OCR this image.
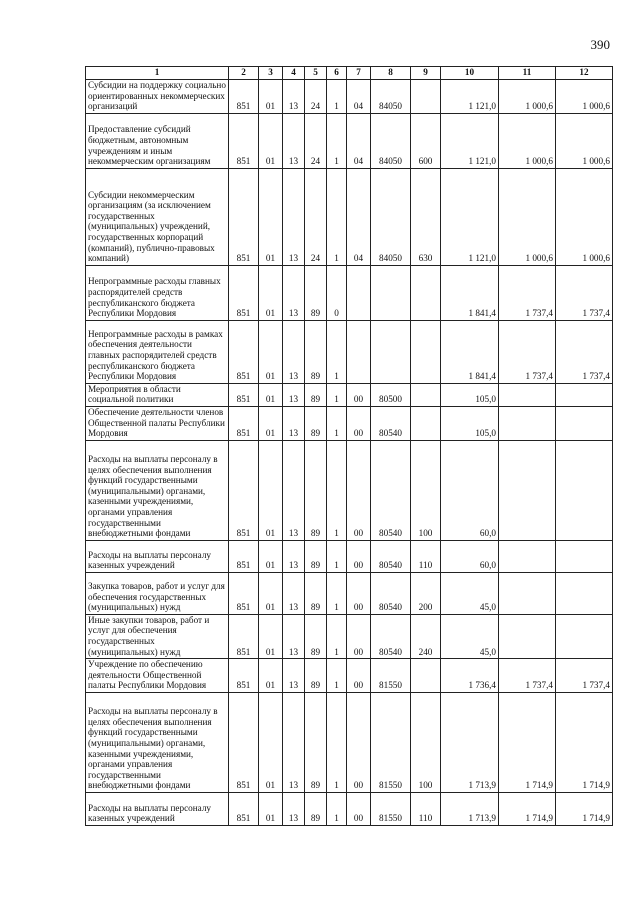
390
1	2	3	4	5	6	7	8	9	10	11	12
Субсидии на поддержку социально ориентированных некоммерческих организаций	851	01	13	24	1	04	84050		1 121,0	1 000,6	1 000,6
Предоставление субсидий бюджетным, автономным учреждениям и иным некоммерческим организациям	851	01	13	24	1	04	84050	600	1 121,0	1 000,6	1 000,6
Субсидии некоммерческим организациям (за исключением государственных (муниципальных) учреждений, государственных корпораций (компаний), публично-правовых компаний)	851	01	13	24	1	04	84050	630	1 121,0	1 000,6	1 000,6
Непрограммные расходы главных распорядителей средств республиканского бюджета Республики Мордовия	851	01	13	89	0				1 841,4	1 737,4	1 737,4
Непрограммные расходы в рамках обеспечения деятельности главных распорядителей средств республиканского бюджета Республики Мордовия	851	01	13	89	1				1 841,4	1 737,4	1 737,4
Мероприятия в области социальной политики	851	01	13	89	1	00	80500		105,0		
Обеспечение деятельности членов Общественной палаты Республики Мордовия	851	01	13	89	1	00	80540		105,0		
Расходы на выплаты персоналу в целях обеспечения выполнения функций государственными (муниципальными) органами, казенными учреждениями, органами управления государственными внебюджетными фондами	851	01	13	89	1	00	80540	100	60,0		
Расходы на выплаты персоналу казенных учреждений	851	01	13	89	1	00	80540	110	60,0		
Закупка товаров, работ и услуг для обеспечения государственных (муниципальных) нужд	851	01	13	89	1	00	80540	200	45,0		
Иные закупки товаров, работ и услуг для обеспечения государственных (муниципальных) нужд	851	01	13	89	1	00	80540	240	45,0		
Учреждение по обеспечению деятельности Общественной палаты Республики Мордовия	851	01	13	89	1	00	81550		1 736,4	1 737,4	1 737,4
Расходы на выплаты персоналу в целях обеспечения выполнения функций государственными (муниципальными) органами, казенными учреждениями, органами управления государственными внебюджетными фондами	851	01	13	89	1	00	81550	100	1 713,9	1 714,9	1 714,9
Расходы на выплаты персоналу казенных учреждений	851	01	13	89	1	00	81550	110	1 713,9	1 714,9	1 714,9
